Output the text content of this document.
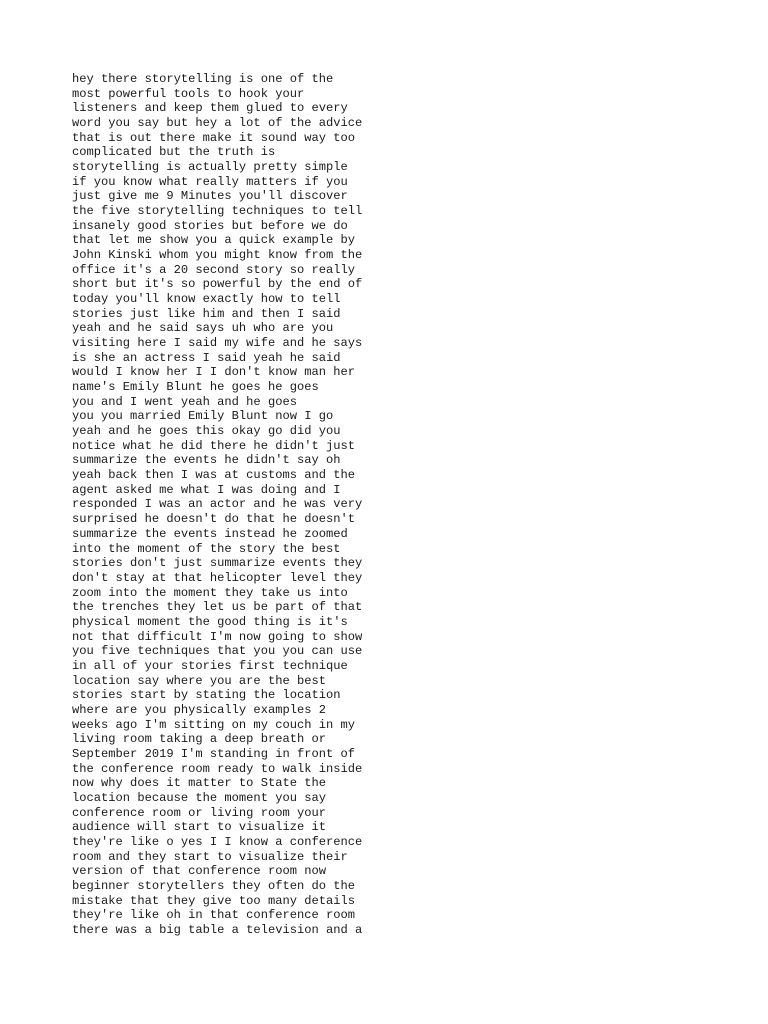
hey there storytelling is one of the
most powerful tools to hook your
listeners and keep them glued to every
word you say but hey a lot of the advice
that is out there make it sound way too
complicated but the truth is
storytelling is actually pretty simple
if you know what really matters if you
just give me 9 Minutes you'll discover
the five storytelling techniques to tell
insanely good stories but before we do
that let me show you a quick example by
John Kinski whom you might know from the
office it's a 20 second story so really
short but it's so powerful by the end of
today you'll know exactly how to tell
stories just like him and then I said
yeah and he said says uh who are you
visiting here I said my wife and he says
is she an actress I said yeah he said
would I know her I I don't know man her
name's Emily Blunt he goes he goes
you and I went yeah and he goes
you you married Emily Blunt now I go
yeah and he goes this okay go did you
notice what he did there he didn't just
summarize the events he didn't say oh
yeah back then I was at customs and the
agent asked me what I was doing and I
responded I was an actor and he was very
surprised he doesn't do that he doesn't
summarize the events instead he zoomed
into the moment of the story the best
stories don't just summarize events they
don't stay at that helicopter level they
zoom into the moment they take us into
the trenches they let us be part of that
physical moment the good thing is it's
not that difficult I'm now going to show
you five techniques that you you can use
in all of your stories first technique
location say where you are the best
stories start by stating the location
where are you physically examples 2
weeks ago I'm sitting on my couch in my
living room taking a deep breath or
September 2019 I'm standing in front of
the conference room ready to walk inside
now why does it matter to State the
location because the moment you say
conference room or living room your
audience will start to visualize it
they're like o yes I I know a conference
room and they start to visualize their
version of that conference room now
beginner storytellers they often do the
mistake that they give too many details
they're like oh in that conference room
there was a big table a television and a
